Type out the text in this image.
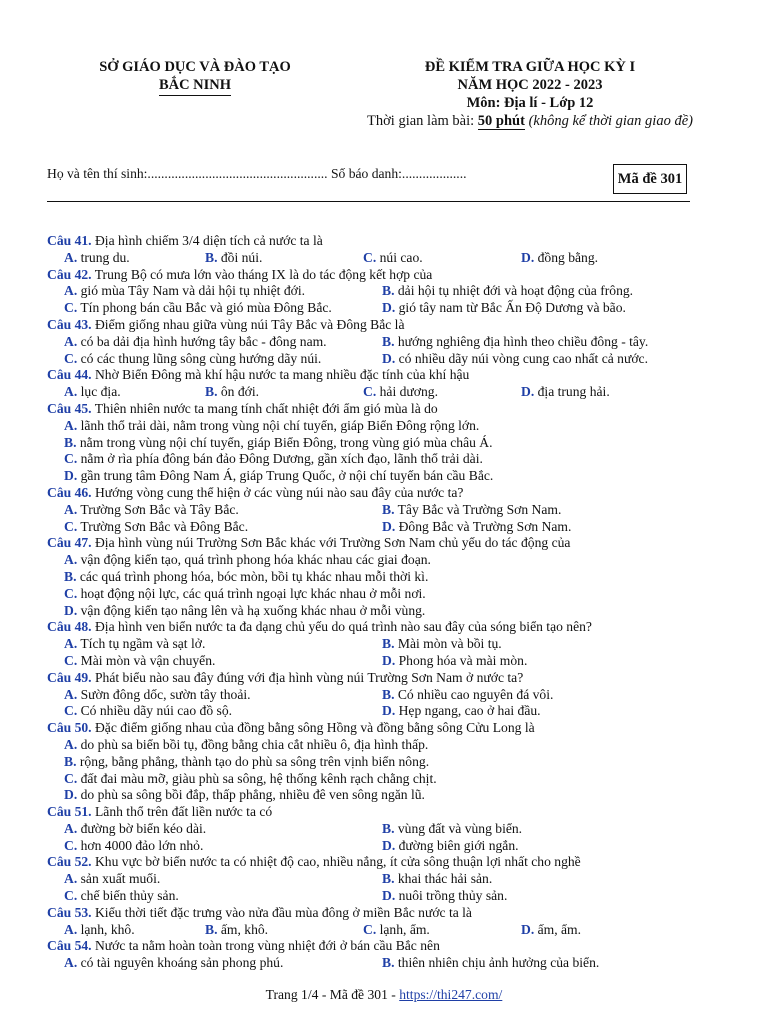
SỞ GIÁO DỤC VÀ ĐÀO TẠO
BẮC NINH
ĐỀ KIỂM TRA GIỮA HỌC KỲ I
NĂM HỌC 2022 - 2023
Môn: Địa lí - Lớp 12
Thời gian làm bài: 50 phút (không kể thời gian giao đề)
Họ và tên thí sinh:..................................................... Số báo danh:...................	Mã đề 301
Câu 41. Địa hình chiếm 3/4 diện tích cả nước ta là
A. trung du.	B. đồi núi.	C. núi cao.	D. đồng bằng.
Câu 42. Trung Bộ có mưa lớn vào tháng IX là do tác động kết hợp của
A. gió mùa Tây Nam và dải hội tụ nhiệt đới.	B. dải hội tụ nhiệt đới và hoạt động của frông.
C. Tín phong bán cầu Bắc và gió mùa Đông Bắc.	D. gió tây nam từ Bắc Ấn Độ Dương và bão.
Câu 43. Điểm giống nhau giữa vùng núi Tây Bắc và Đông Bắc là
A. có ba dải địa hình hướng tây bắc - đông nam.	B. hướng nghiêng địa hình theo chiều đông - tây.
C. có các thung lũng sông cùng hướng dãy núi.	D. có nhiều dãy núi vòng cung cao nhất cả nước.
Câu 44. Nhờ Biển Đông mà khí hậu nước ta mang nhiều đặc tính của khí hậu
A. lục địa.	B. ôn đới.	C. hải dương.	D. địa trung hải.
Câu 45. Thiên nhiên nước ta mang tính chất nhiệt đới ẩm gió mùa là do
A. lãnh thổ trải dài, nằm trong vùng nội chí tuyến, giáp Biển Đông rộng lớn.
B. nằm trong vùng nội chí tuyến, giáp Biển Đông, trong vùng gió mùa châu Á.
C. nằm ở rìa phía đông bán đảo Đông Dương, gần xích đạo, lãnh thổ trải dài.
D. gần trung tâm Đông Nam Á, giáp Trung Quốc, ở nội chí tuyến bán cầu Bắc.
Câu 46. Hướng vòng cung thể hiện ở các vùng núi nào sau đây của nước ta?
A. Trường Sơn Bắc và Tây Bắc.	B. Tây Bắc và Trường Sơn Nam.
C. Trường Sơn Bắc và Đông Bắc.	D. Đông Bắc và Trường Sơn Nam.
Câu 47. Địa hình vùng núi Trường Sơn Bắc khác với Trường Sơn Nam chủ yếu do tác động của
A. vận động kiến tạo, quá trình phong hóa khác nhau các giai đoạn.
B. các quá trình phong hóa, bóc mòn, bồi tụ khác nhau mỗi thời kì.
C. hoạt động nội lực, các quá trình ngoại lực khác nhau ở mỗi nơi.
D. vận động kiến tạo nâng lên và hạ xuống khác nhau ở mỗi vùng.
Câu 48. Địa hình ven biển nước ta đa dạng chủ yếu do quá trình nào sau đây của sóng biển tạo nên?
A. Tích tụ ngầm và sạt lở.	B. Mài mòn và bồi tụ.
C. Mài mòn và vận chuyển.	D. Phong hóa và mài mòn.
Câu 49. Phát biểu nào sau đây đúng với địa hình vùng núi Trường Sơn Nam ở nước ta?
A. Sườn đông dốc, sườn tây thoải.	B. Có nhiều cao nguyên đá vôi.
C. Có nhiều dãy núi cao đồ sộ.	D. Hẹp ngang, cao ở hai đầu.
Câu 50. Đặc điểm giống nhau của đồng bằng sông Hồng và đồng bằng sông Cửu Long là
A. do phù sa biển bồi tụ, đồng bằng chia cắt nhiều ô, địa hình thấp.
B. rộng, bằng phẳng, thành tạo do phù sa sông trên vịnh biển nông.
C. đất đai màu mỡ, giàu phù sa sông, hệ thống kênh rạch chằng chịt.
D. do phù sa sông bồi đắp, thấp phẳng, nhiều đê ven sông ngăn lũ.
Câu 51. Lãnh thổ trên đất liền nước ta có
A. đường bờ biển kéo dài.	B. vùng đất và vùng biển.
C. hơn 4000 đảo lớn nhỏ.	D. đường biên giới ngắn.
Câu 52. Khu vực bờ biển nước ta có nhiệt độ cao, nhiều nắng, ít cửa sông thuận lợi nhất cho nghề
A. sản xuất muối.	B. khai thác hải sản.
C. chế biến thủy sản.	D. nuôi trồng thủy sản.
Câu 53. Kiểu thời tiết đặc trưng vào nửa đầu mùa đông ở miền Bắc nước ta là
A. lạnh, khô.	B. ấm, khô.	C. lạnh, ẩm.	D. ấm, ẩm.
Câu 54. Nước ta nằm hoàn toàn trong vùng nhiệt đới ở bán cầu Bắc nên
A. có tài nguyên khoáng sản phong phú.	B. thiên nhiên chịu ảnh hưởng của biển.
Trang 1/4 - Mã đề 301 - https://thi247.com/
